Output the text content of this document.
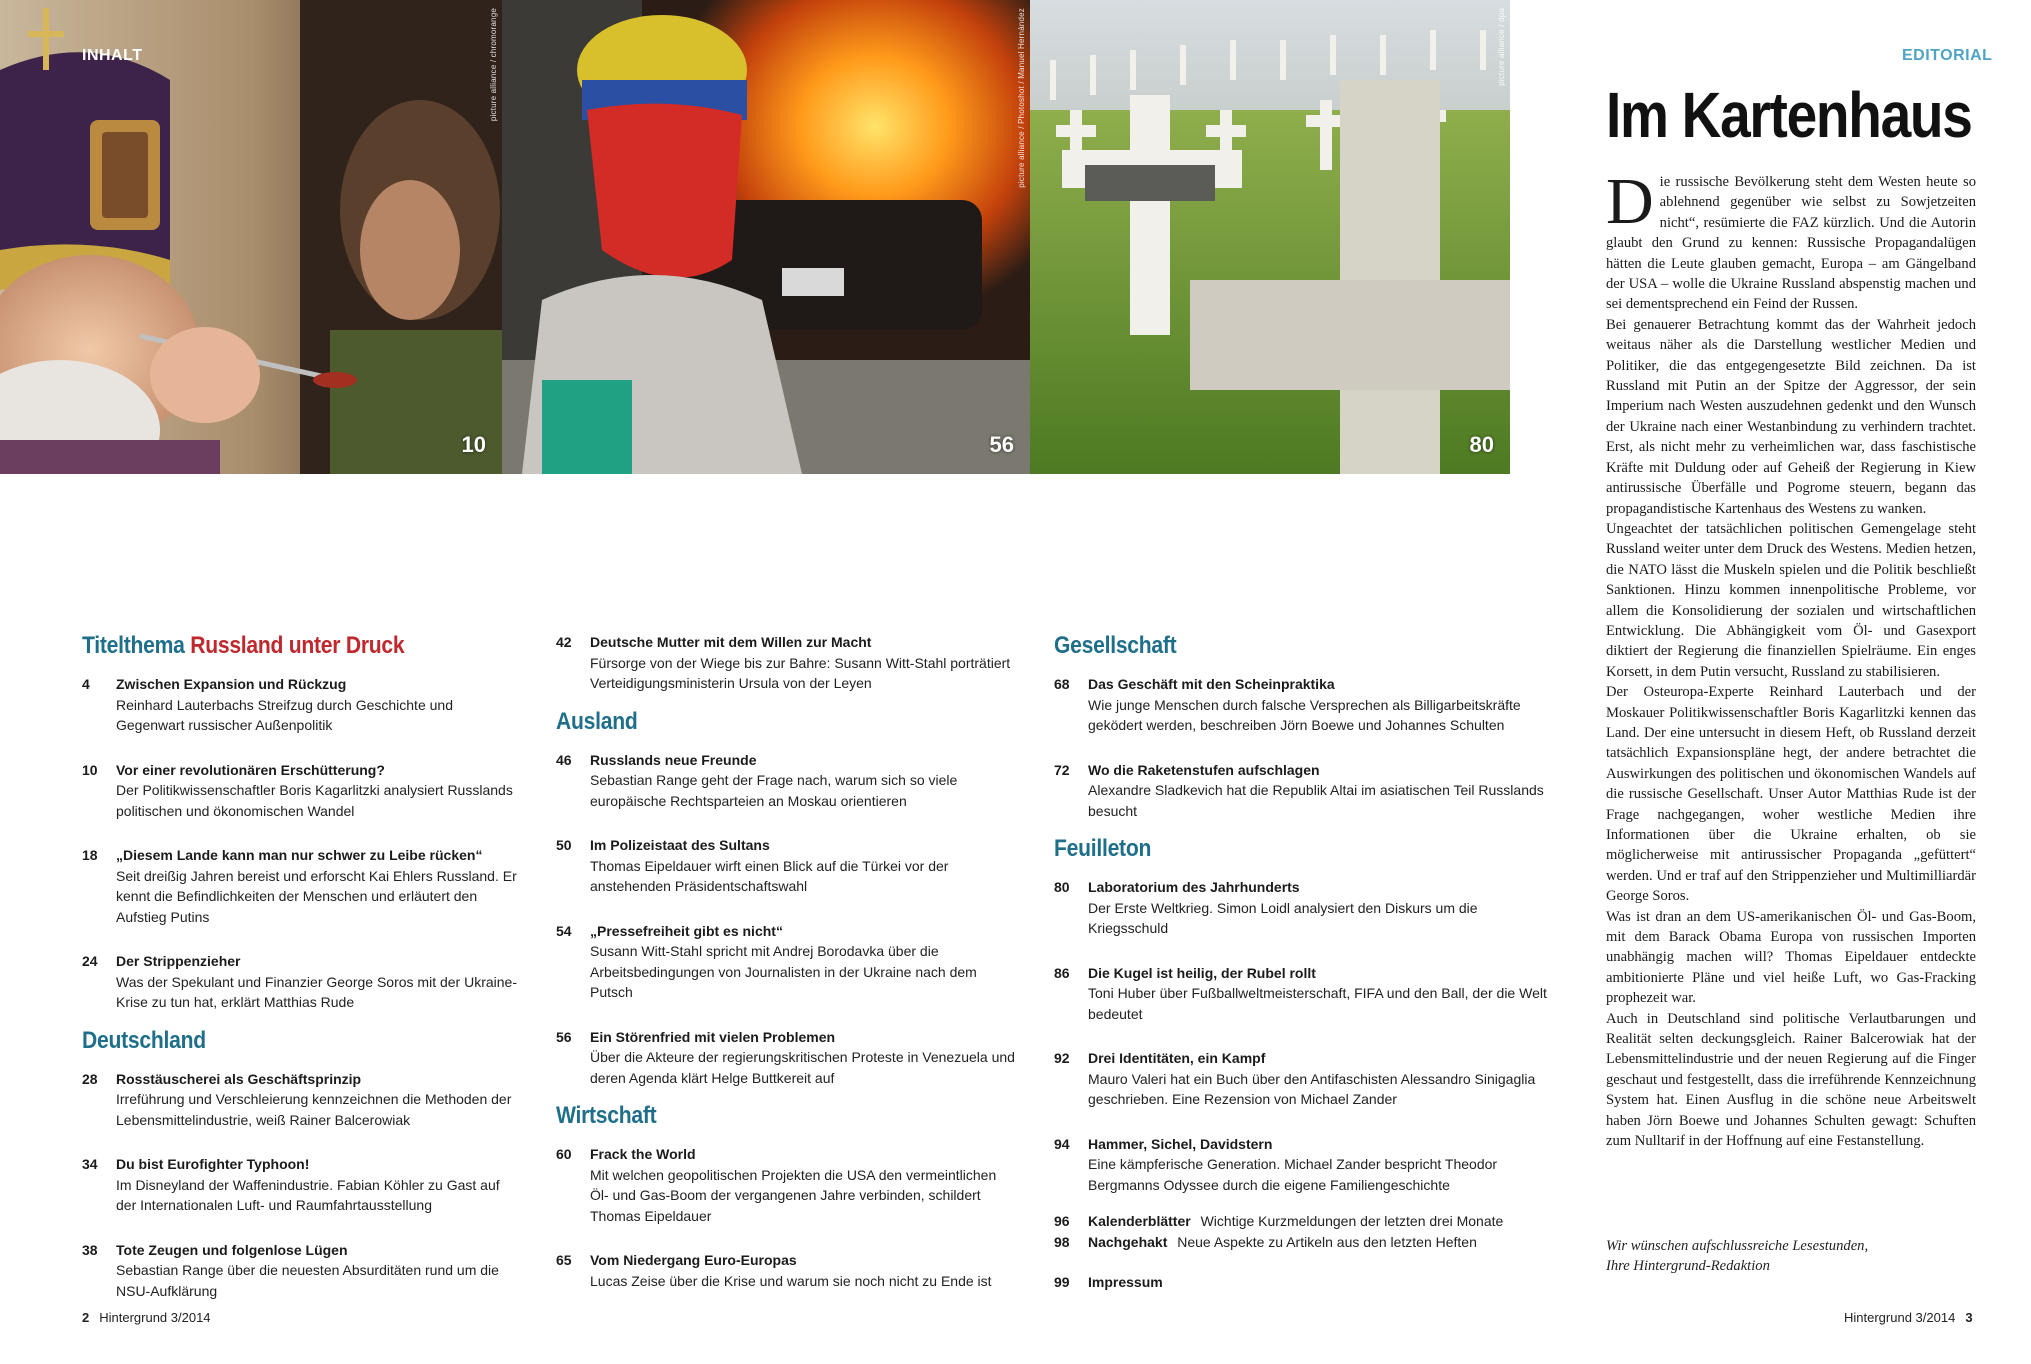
INHALT	picture alliance / chromorange
10
picture alliance / Photoshot / Manuel Hernández
56
picture alliance / dpa
80
Titelthema Russland unter Druck
4 Zwischen Expansion und Rückzug
Reinhard Lauterbachs Streifzug durch Geschichte und Gegenwart russischer Außenpolitik
10 Vor einer revolutionären Erschütterung?
Der Politikwissenschaftler Boris Kagarlitzki analysiert Russlands politischen und ökonomischen Wandel
18 „Diesem Lande kann man nur schwer zu Leibe rücken“
Seit dreißig Jahren bereist und erforscht Kai Ehlers Russland. Er kennt die Befindlichkeiten der Menschen und erläutert den Aufstieg Putins
24 Der Strippenzieher
Was der Spekulant und Finanzier George Soros mit der Ukraine-Krise zu tun hat, erklärt Matthias Rude
Deutschland
28 Rosstäuscherei als Geschäftsprinzip
Irreführung und Verschleierung kennzeichnen die Methoden der Lebensmittelindustrie, weiß Rainer Balcerowiak
34 Du bist Eurofighter Typhoon!
Im Disneyland der Waffenindustrie. Fabian Köhler zu Gast auf der Internationalen Luft- und Raumfahrtausstellung
38 Tote Zeugen und folgenlose Lügen
Sebastian Range über die neuesten Absurditäten rund um die NSU-Aufklärung
42 Deutsche Mutter mit dem Willen zur Macht
Fürsorge von der Wiege bis zur Bahre: Susann Witt-Stahl porträtiert Verteidigungsministerin Ursula von der Leyen
Ausland
46 Russlands neue Freunde
Sebastian Range geht der Frage nach, warum sich so viele europäische Rechtsparteien an Moskau orientieren
50 Im Polizeistaat des Sultans
Thomas Eipeldauer wirft einen Blick auf die Türkei vor der anstehenden Präsidentschaftswahl
54 „Pressefreiheit gibt es nicht“
Susann Witt-Stahl spricht mit Andrej Borodavka über die Arbeitsbedingungen von Journalisten in der Ukraine nach dem Putsch
56 Ein Störenfried mit vielen Problemen
Über die Akteure der regierungskritischen Proteste in Venezuela und deren Agenda klärt Helge Buttkereit auf
Wirtschaft
60 Frack the World
Mit welchen geopolitischen Projekten die USA den vermeintlichen Öl- und Gas-Boom der vergangenen Jahre verbinden, schildert Thomas Eipeldauer
65 Vom Niedergang Euro-Europas
Lucas Zeise über die Krise und warum sie noch nicht zu Ende ist
Gesellschaft
68 Das Geschäft mit den Scheinpraktika
Wie junge Menschen durch falsche Versprechen als Billigarbeitskräfte geködert werden, beschreiben Jörn Boewe und Johannes Schulten
72 Wo die Raketenstufen aufschlagen
Alexandre Sladkevich hat die Republik Altai im asiatischen Teil Russlands besucht
Feuilleton
80 Laboratorium des Jahrhunderts
Der Erste Weltkrieg. Simon Loidl analysiert den Diskurs um die Kriegsschuld
86 Die Kugel ist heilig, der Rubel rollt
Toni Huber über Fußballweltmeisterschaft, FIFA und den Ball, der die Welt bedeutet
92 Drei Identitäten, ein Kampf
Mauro Valeri hat ein Buch über den Antifaschisten Alessandro Sinigaglia geschrieben. Eine Rezension von Michael Zander
94 Hammer, Sichel, Davidstern
Eine kämpferische Generation. Michael Zander bespricht Theodor Bergmanns Odyssee durch die eigene Familiengeschichte
96 Kalenderblätter Wichtige Kurzmeldungen der letzten drei Monate
98 Nachgehakt Neue Aspekte zu Artikeln aus den letzten Heften
99 Impressum
2 Hintergrund 3/2014
EDITORIAL
Im Kartenhaus

Die russische Bevölkerung steht dem Westen heute so ablehnend gegenüber wie selbst zu Sowjetzeiten nicht“, resümierte die FAZ kürzlich. Und die Autorin glaubt den Grund zu kennen: Russische Propagandalügen hätten die Leute glauben gemacht, Europa – am Gängelband der USA – wolle die Ukraine Russland abspenstig machen und sei dementsprechend ein Feind der Russen.

Bei genauerer Betrachtung kommt das der Wahrheit jedoch weitaus näher als die Darstellung westlicher Medien und Politiker, die das entgegengesetzte Bild zeichnen. Da ist Russland mit Putin an der Spitze der Aggressor, der sein Imperium nach Westen auszudehnen gedenkt und den Wunsch der Ukraine nach einer Westanbindung zu verhindern trachtet. Erst, als nicht mehr zu verheimlichen war, dass faschistische Kräfte mit Duldung oder auf Geheiß der Regierung in Kiew antirussische Überfälle und Pogrome steuern, begann das propagandistische Kartenhaus des Westens zu wanken.

Ungeachtet der tatsächlichen politischen Gemengelage steht Russland weiter unter dem Druck des Westens. Medien hetzen, die NATO lässt die Muskeln spielen und die Politik beschließt Sanktionen. Hinzu kommen innenpolitische Probleme, vor allem die Konsolidierung der sozialen und wirtschaftlichen Entwicklung. Die Abhängigkeit vom Öl- und Gasexport diktiert der Regierung die finanziellen Spielräume. Ein enges Korsett, in dem Putin versucht, Russland zu stabilisieren.

Der Osteuropa-Experte Reinhard Lauterbach und der Moskauer Politikwissenschaftler Boris Kagarlitzki kennen das Land. Der eine untersucht in diesem Heft, ob Russland derzeit tatsächlich Expansionspläne hegt, der andere betrachtet die Auswirkungen des politischen und ökonomischen Wandels auf die russische Gesellschaft. Unser Autor Matthias Rude ist der Frage nachgegangen, woher westliche Medien ihre Informationen über die Ukraine erhalten, ob sie möglicherweise mit antirussischer Propaganda „gefüttert“ werden. Und er traf auf den Strippenzieher und Multimilliardär George Soros.

Was ist dran an dem US-amerikanischen Öl- und Gas-Boom, mit dem Barack Obama Europa von russischen Importen unabhängig machen will? Thomas Eipeldauer entdeckte ambitionierte Pläne und viel heiße Luft, wo Gas-Fracking prophezeit war.

Auch in Deutschland sind politische Verlautbarungen und Realität selten deckungsgleich. Rainer Balcerowiak hat der Lebensmittelindustrie und der neuen Regierung auf die Finger geschaut und festgestellt, dass die irreführende Kennzeichnung System hat. Einen Ausflug in die schöne neue Arbeitswelt haben Jörn Boewe und Johannes Schulten gewagt: Schuften zum Nulltarif in der Hoffnung auf eine Festanstellung.

Wir wünschen aufschlussreiche Lesestunden,
Ihre Hintergrund-Redaktion
Hintergrund 3/2014 3
